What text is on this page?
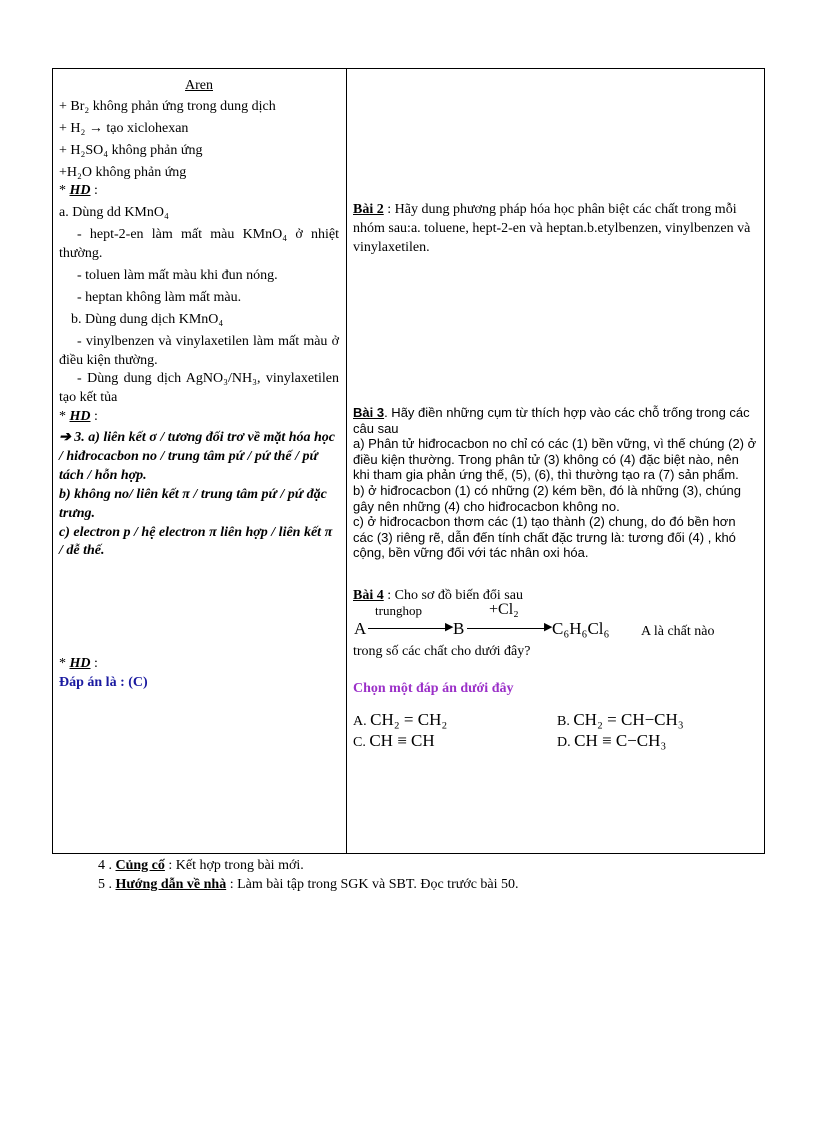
Aren

+ Br₂ không phản ứng trong dung dịch

+ H₂ → tạo xiclohexan

+ H₂SO₄ không phản ứng

+H₂O không phản ứng

* HD :

a. Dùng dd KMnO₄

- hept-2-en làm mất màu KMnO₄ ở nhiệt thường.

- toluen làm mất màu khi đun nóng.

- heptan không làm mất màu.

b. Dùng dung dịch KMnO₄

- vinylbenzen và vinylaxetilen làm mất màu ở điều kiện thường.

- Dùng dung dịch AgNO₃/NH₃, vinylaxetilen tạo kết tủa

* HD :

➔ 3. a) liên kết σ / tương đối trơ về mặt hóa học / hiđrocacbon no / trung tâm pứ / pứ thế / pứ tách / hỗn hợp.

b) không no/ liên kết π / trung tâm pứ / pứ đặc trưng.

c) electron p / hệ electron π liên hợp / liên kết π / dễ thế.

* HD :

Đáp án là : (C)

Bài 2 : Hãy dung phương pháp hóa học phân biệt các chất trong mỗi nhóm sau:a. toluene, hept-2-en và heptan.b.etylbenzen, vinylbenzen và vinylaxetilen.

Bài 3. Hãy điền những cụm từ thích hợp vào các chỗ trống trong các câu sau

a) Phân tử hiđrocacbon no chỉ có các (1) bền vững, vì thế chúng (2) ở điều kiện thường. Trong phân tử (3) không có (4) đặc biệt nào, nên khi tham gia phản ứng thế, (5), (6), thì thường tạo ra (7) sản phẩm.

b) ở hiđrocacbon (1) có những (2) kém bền, đó là những (3), chúng gây nên những (4) cho hiđrocacbon không no.

c) ở hiđrocacbon thơm các (1) tạo thành (2) chung, do đó bền hơn các (3) riêng rẽ, dẫn đến tính chất đặc trưng là: tương đối (4) , khó cộng, bền vững đối với tác nhân oxi hóa.

Bài 4 : Cho sơ đồ biến đổi sau

A
trunghop
▶ B
+Cl₂
▶ C₆H₆Cl₆ A là chất nào

trong số các chất cho dưới đây?

Chọn một đáp án dưới đây

A. CH₂ = CH₂	B. CH₂ = CH−CH₃
C. CH ≡ CH	D. CH ≡ C−CH₃

4 . Củng cố : Kết hợp trong bài mới.

5 . Hướng dẫn về nhà : Làm bài tập trong SGK và SBT. Đọc trước bài 50.
